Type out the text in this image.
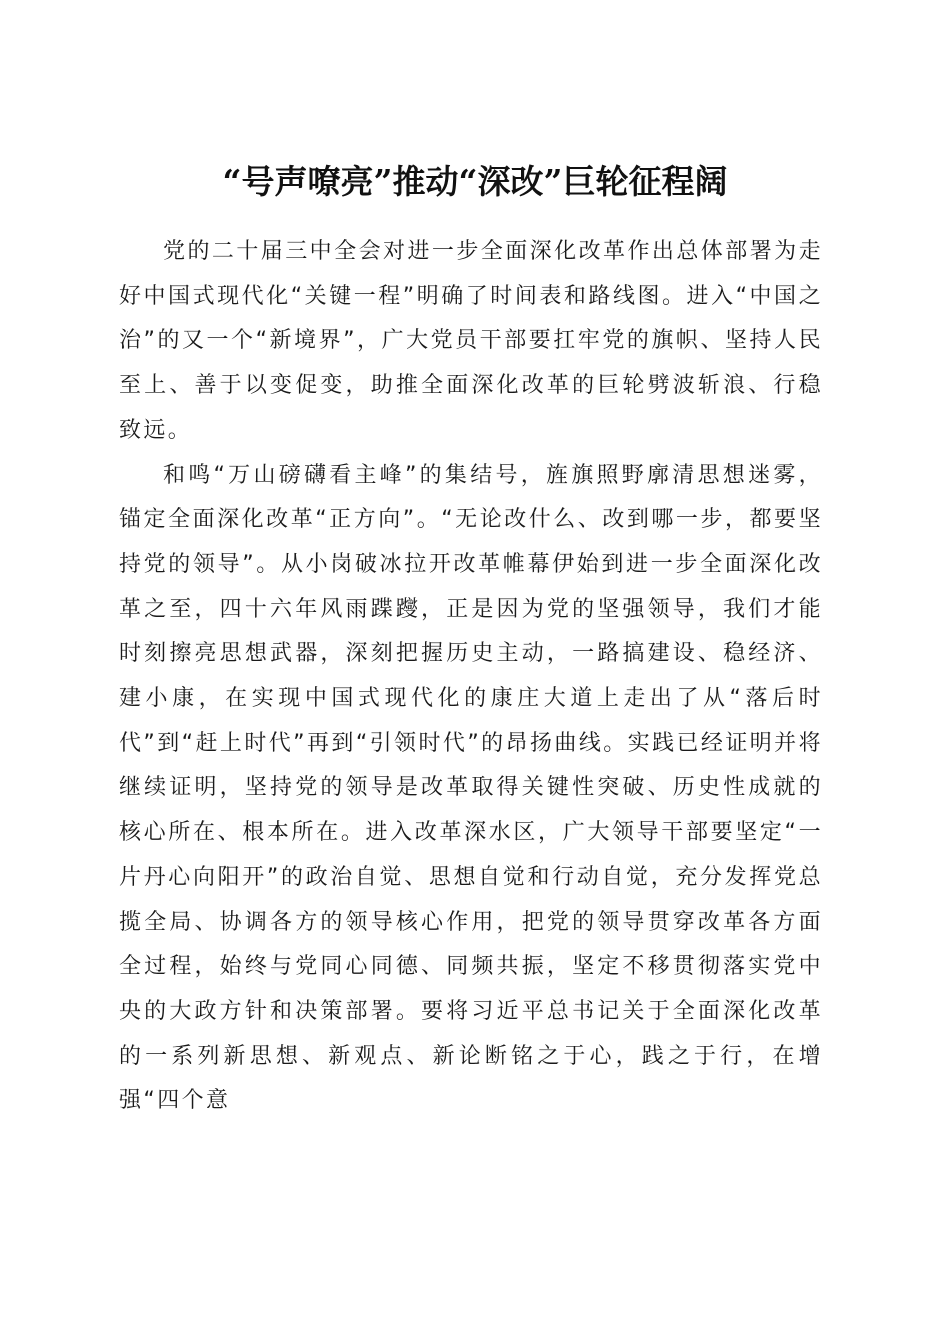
“号声嘹亮”推动“深改”巨轮征程阔

党的二十届三中全会对进一步全面深化改革作出总体部署为走好中国式现代化“关键一程”明确了时间表和路线图。进入“中国之治”的又一个“新境界”，广大党员干部要扛牢党的旗帜、坚持人民至上、善于以变促变，助推全面深化改革的巨轮劈波斩浪、行稳致远。

和鸣“万山磅礴看主峰”的集结号，旌旗照野廓清思想迷雾，锚定全面深化改革“正方向”。“无论改什么、改到哪一步，都要坚持党的领导”。从小岗破冰拉开改革帷幕伊始到进一步全面深化改革之至，四十六年风雨蹀躞，正是因为党的坚强领导，我们才能时刻擦亮思想武器，深刻把握历史主动，一路搞建设、稳经济、建小康，在实现中国式现代化的康庄大道上走出了从“落后时代”到“赶上时代”再到“引领时代”的昂扬曲线。实践已经证明并将继续证明，坚持党的领导是改革取得关键性突破、历史性成就的核心所在、根本所在。进入改革深水区，广大领导干部要坚定“一片丹心向阳开”的政治自觉、思想自觉和行动自觉，充分发挥党总揽全局、协调各方的领导核心作用，把党的领导贯穿改革各方面全过程，始终与党同心同德、同频共振，坚定不移贯彻落实党中央的大政方针和决策部署。要将习近平总书记关于全面深化改革的一系列新思想、新观点、新论断铭之于心，践之于行，在增强“四个意
